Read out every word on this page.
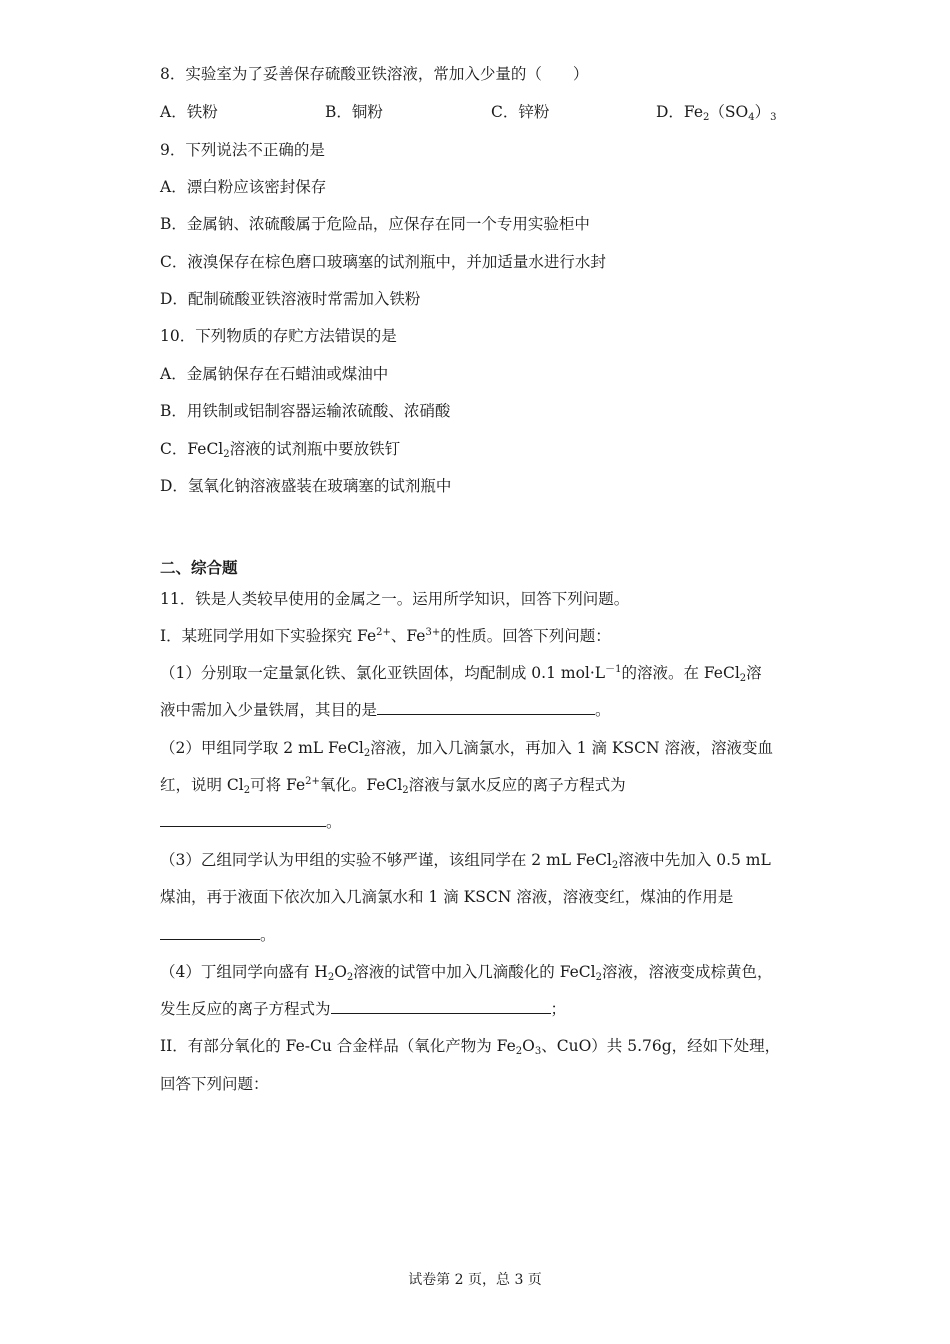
8．实验室为了妥善保存硫酸亚铁溶液，常加入少量的（　　）
A．铁粉	B．铜粉	C．锌粉	D．$Fe_2(SO_4)_3$
9．下列说法不正确的是
A．漂白粉应该密封保存
B．金属钠、浓硫酸属于危险品，应保存在同一个专用实验柜中
C．液溴保存在棕色磨口玻璃塞的试剂瓶中，并加适量水进行水封
D．配制硫酸亚铁溶液时常需加入铁粉
10．下列物质的存贮方法错误的是
A．金属钠保存在石蜡油或煤油中
B．用铁制或铝制容器运输浓硫酸、浓硝酸
C．FeCl$_2$溶液的试剂瓶中要放铁钉
D．氢氧化钠溶液盛装在玻璃塞的试剂瓶中
二、综合题
11．铁是人类较早使用的金属之一。运用所学知识，回答下列问题。
I．某班同学用如下实验探究 $Fe^{2+}$、$Fe^{3+}$的性质。回答下列问题：
（1）分别取一定量氯化铁、氯化亚铁固体，均配制成 0.1 $mol\cdot L^{-1}$的溶液。在 FeCl$_2$溶
液中需加入少量铁屑，其目的是	。
（2）甲组同学取 2 mL FeCl$_2$溶液，加入几滴氯水，再加入 1 滴 KSCN 溶液，溶液变血
红，说明 $Cl_2$可将 $Fe^{2+}$氧化。FeCl$_2$溶液与氯水反应的离子方程式为
。
（3）乙组同学认为甲组的实验不够严谨，该组同学在 2 mL FeCl$_2$溶液中先加入 0.5 mL
煤油，再于液面下依次加入几滴氯水和 1 滴 KSCN 溶液，溶液变红，煤油的作用是
。
（4）丁组同学向盛有 $H_2O_2$溶液的试管中加入几滴酸化的 FeCl$_2$溶液，溶液变成棕黄色，
发生反应的离子方程式为	；
II．有部分氧化的 Fe-Cu 合金样品（氧化产物为 $Fe_2O_3$、CuO）共 5.76g，经如下处理，
回答下列问题：
试卷第 2 页，总 3 页
